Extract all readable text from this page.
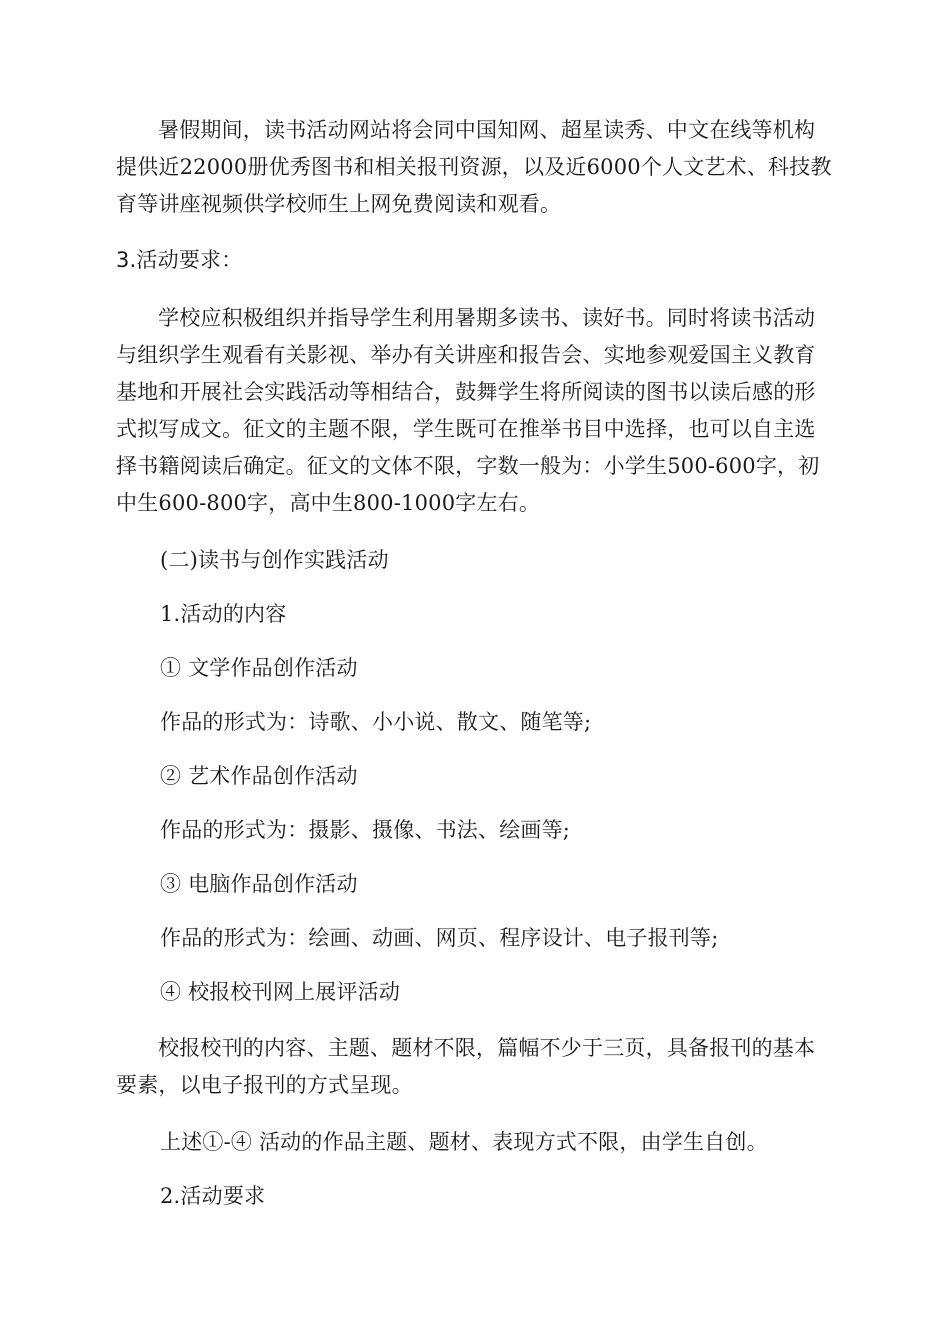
暑假期间，读书活动网站将会同中国知网、超星读秀、中文在线等机构提供近22000册优秀图书和相关报刊资源，以及近6000个人文艺术、科技教育等讲座视频供学校师生上网免费阅读和观看。

3.活动要求：

学校应积极组织并指导学生利用暑期多读书、读好书。同时将读书活动与组织学生观看有关影视、举办有关讲座和报告会、实地参观爱国主义教育基地和开展社会实践活动等相结合，鼓舞学生将所阅读的图书以读后感的形式拟写成文。征文的主题不限，学生既可在推举书目中选择，也可以自主选择书籍阅读后确定。征文的文体不限，字数一般为：小学生500-600字，初中生600-800字，高中生800-1000字左右。

(二)读书与创作实践活动

1.活动的内容

① 文学作品创作活动

作品的形式为：诗歌、小小说、散文、随笔等;

② 艺术作品创作活动

作品的形式为：摄影、摄像、书法、绘画等;

③ 电脑作品创作活动

作品的形式为：绘画、动画、网页、程序设计、电子报刊等;

④ 校报校刊网上展评活动

校报校刊的内容、主题、题材不限，篇幅不少于三页，具备报刊的基本要素，以电子报刊的方式呈现。

上述①-④ 活动的作品主题、题材、表现方式不限，由学生自创。

2.活动要求
